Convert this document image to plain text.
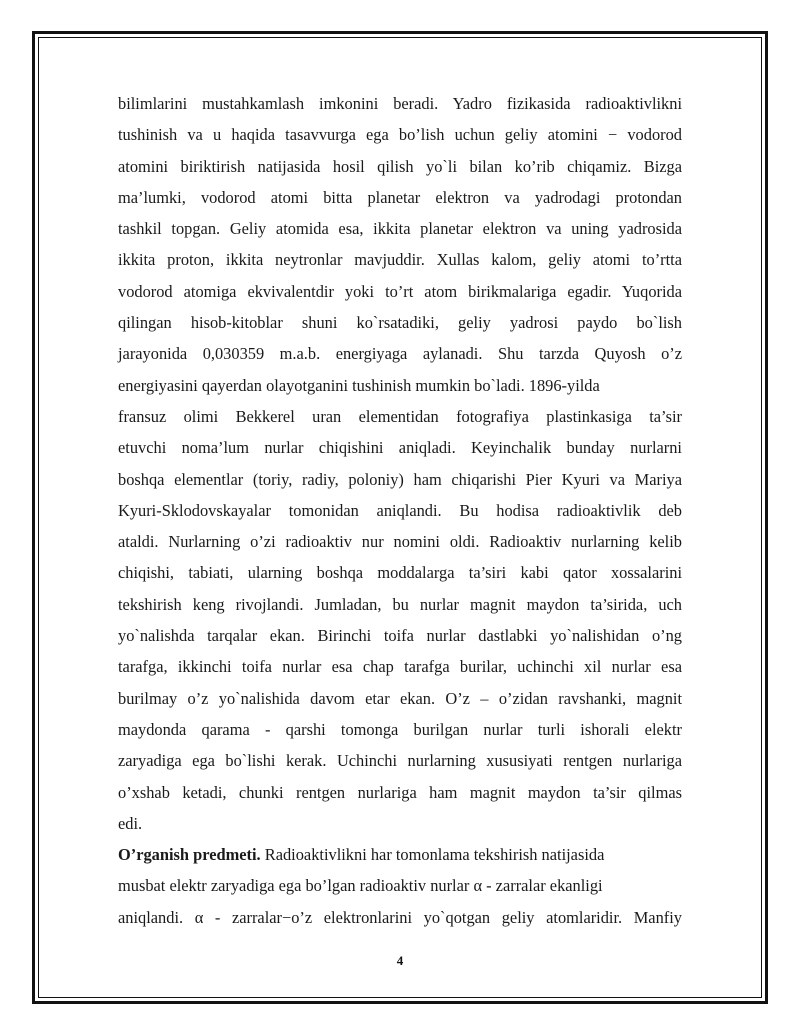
bilimlarini mustahkamlash imkonini beradi. Yadro fizikasida radioaktivlikni
tushinish va u haqida tasavvurga ega bo’lish uchun geliy atomini − vodorod
atomini biriktirish natijasida hosil qilish yo`li bilan ko’rib chiqamiz. Bizga
ma’lumki, vodorod atomi bitta planetar elektron va yadrodagi protondan
tashkil topgan. Geliy atomida esa, ikkita planetar elektron va uning yadrosida
ikkita proton, ikkita neytronlar mavjuddir. Xullas kalom, geliy atomi to’rtta
vodorod atomiga ekvivalentdir yoki to’rt atom birikmalariga egadir. Yuqorida
qilingan hisob-kitoblar shuni ko`rsatadiki, geliy yadrosi paydo bo`lish
jarayonida 0,030359 m.a.b. energiyaga aylanadi. Shu tarzda Quyosh o’z
energiyasini qayerdan olayotganini tushinish mumkin bo`ladi. 1896-yilda
fransuz olimi Bekkerel uran elementidan fotografiya plastinkasiga ta’sir
etuvchi noma’lum nurlar chiqishini aniqladi. Keyinchalik bunday nurlarni
boshqa elementlar (toriy, radiy, poloniy) ham chiqarishi Pier Kyuri va Mariya
Kyuri-Sklodovskayalar tomonidan aniqlandi. Bu hodisa radioaktivlik deb
ataldi. Nurlarning o’zi radioaktiv nur nomini oldi. Radioaktiv nurlarning kelib
chiqishi, tabiati, ularning boshqa moddalarga ta’siri kabi qator xossalarini
tekshirish keng rivojlandi. Jumladan, bu nurlar magnit maydon ta’sirida, uch
yo`nalishda tarqalar ekan. Birinchi toifa nurlar dastlabki yo`nalishidan o’ng
tarafga, ikkinchi toifa nurlar esa chap tarafga burilar, uchinchi xil nurlar esa
burilmay o’z yo`nalishida davom etar ekan. O’z – o’zidan ravshanki, magnit
maydonda qarama - qarshi tomonga burilgan nurlar turli ishorali elektr
zaryadiga ega bo`lishi kerak. Uchinchi nurlarning xususiyati rentgen nurlariga
o’xshab ketadi, chunki rentgen nurlariga ham magnit maydon ta’sir qilmas
edi.
O’rganish predmeti. Radioaktivlikni har tomonlama tekshirish natijasida
musbat elektr zaryadiga ega bo’lgan radioaktiv nurlar α - zarralar ekanligi
aniqlandi. α - zarralar−o’z elektronlarini yo`qotgan geliy atomlaridir. Manfiy
4
